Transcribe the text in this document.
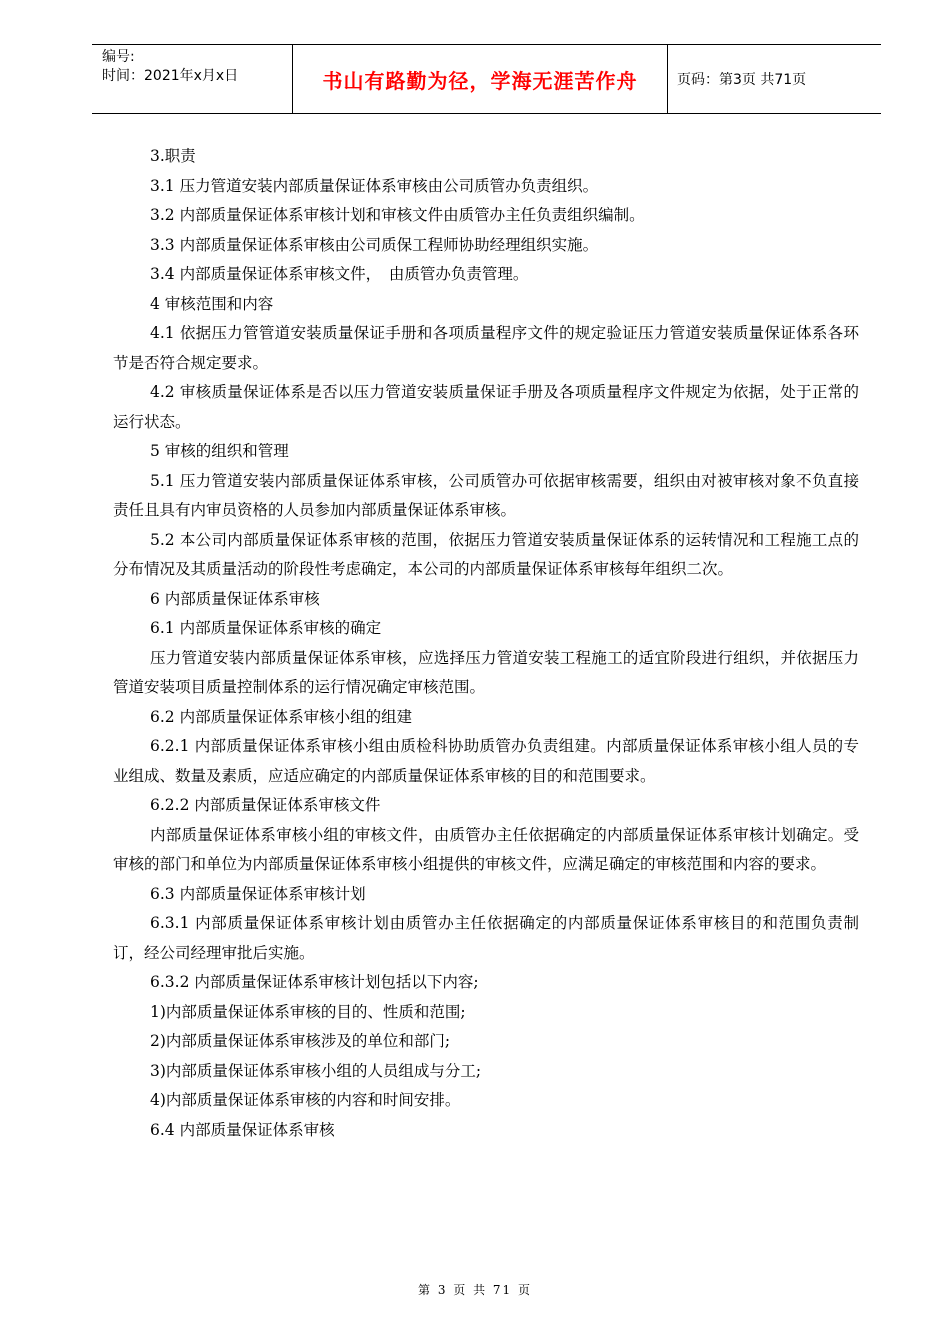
编号:
时间：2021年x月x日	书山有路勤为径，学海无涯苦作舟	页码：第3页 共71页

3.职责

3.1 压力管道安装内部质量保证体系审核由公司质管办负责组织。

3.2 内部质量保证体系审核计划和审核文件由质管办主任负责组织编制。

3.3 内部质量保证体系审核由公司质保工程师协助经理组织实施。

3.4 内部质量保证体系审核文件，　由质管办负责管理。

4 审核范围和内容

4.1 依据压力管管道安装质量保证手册和各项质量程序文件的规定验证压力管道安装质量保证体系各环节是否符合规定要求。

4.2 审核质量保证体系是否以压力管道安装质量保证手册及各项质量程序文件规定为依据，处于正常的运行状态。

5 审核的组织和管理

5.1 压力管道安装内部质量保证体系审核，公司质管办可依据审核需要，组织由对被审核对象不负直接责任且具有内审员资格的人员参加内部质量保证体系审核。

5.2 本公司内部质量保证体系审核的范围，依据压力管道安装质量保证体系的运转情况和工程施工点的分布情况及其质量活动的阶段性考虑确定，本公司的内部质量保证体系审核每年组织二次。

6 内部质量保证体系审核

6.1 内部质量保证体系审核的确定

压力管道安装内部质量保证体系审核，应选择压力管道安装工程施工的适宜阶段进行组织，并依据压力管道安装项目质量控制体系的运行情况确定审核范围。

6.2 内部质量保证体系审核小组的组建

6.2.1 内部质量保证体系审核小组由质检科协助质管办负责组建。内部质量保证体系审核小组人员的专业组成、数量及素质，应适应确定的内部质量保证体系审核的目的和范围要求。

6.2.2 内部质量保证体系审核文件

内部质量保证体系审核小组的审核文件，由质管办主任依据确定的内部质量保证体系审核计划确定。受审核的部门和单位为内部质量保证体系审核小组提供的审核文件，应满足确定的审核范围和内容的要求。

6.3 内部质量保证体系审核计划

6.3.1 内部质量保证体系审核计划由质管办主任依据确定的内部质量保证体系审核目的和范围负责制订，经公司经理审批后实施。

6.3.2 内部质量保证体系审核计划包括以下内容;

1)内部质量保证体系审核的目的、性质和范围;

2)内部质量保证体系审核涉及的单位和部门;

3)内部质量保证体系审核小组的人员组成与分工;

4)内部质量保证体系审核的内容和时间安排。

6.4 内部质量保证体系审核

第 3 页 共 71 页
